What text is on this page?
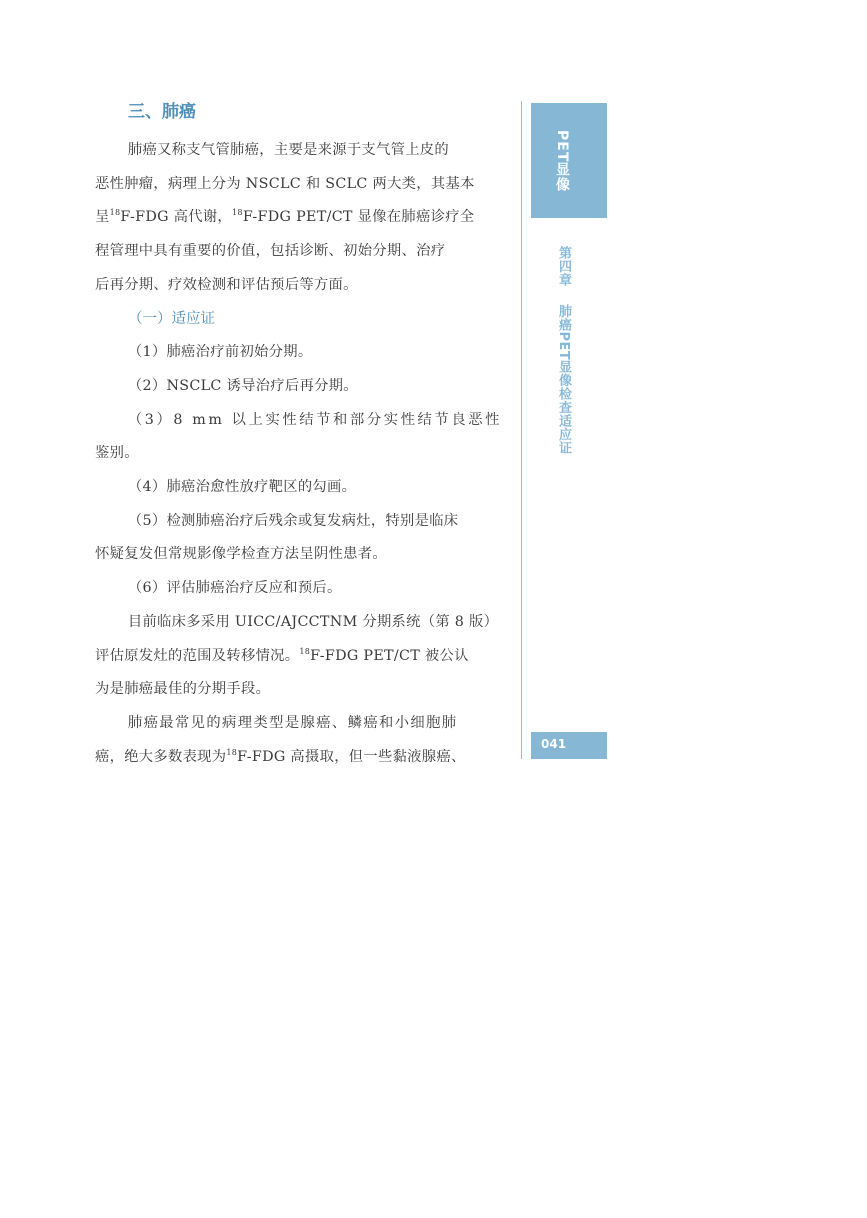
三、肺癌

肺癌又称支气管肺癌，主要是来源于支气管上皮的
恶性肿瘤，病理上分为 NSCLC 和 SCLC 两大类，其基本
呈$^{18}$F-FDG 高代谢，$^{18}$F-FDG PET/CT 显像在肺癌诊疗全
程管理中具有重要的价值，包括诊断、初始分期、治疗
后再分期、疗效检测和评估预后等方面。

（一）适应证

（1）肺癌治疗前初始分期。
（2）NSCLC 诱导治疗后再分期。
（3）8 mm 以上实性结节和部分实性结节良恶性
鉴别。
（4）肺癌治愈性放疗靶区的勾画。
（5）检测肺癌治疗后残余或复发病灶，特别是临床
怀疑复发但常规影像学检查方法呈阴性患者。
（6）评估肺癌治疗反应和预后。

目前临床多采用 UICC/AJCCTNM 分期系统（第 8 版）
评估原发灶的范围及转移情况。$^{18}$F-FDG PET/CT 被公认
为是肺癌最佳的分期手段。

肺癌最常见的病理类型是腺癌、鳞癌和小细胞肺
癌，绝大多数表现为$^{18}$F-FDG 高摄取，但一些黏液腺癌、

PET显像
第四章肺癌PET显像检查适应证
041
